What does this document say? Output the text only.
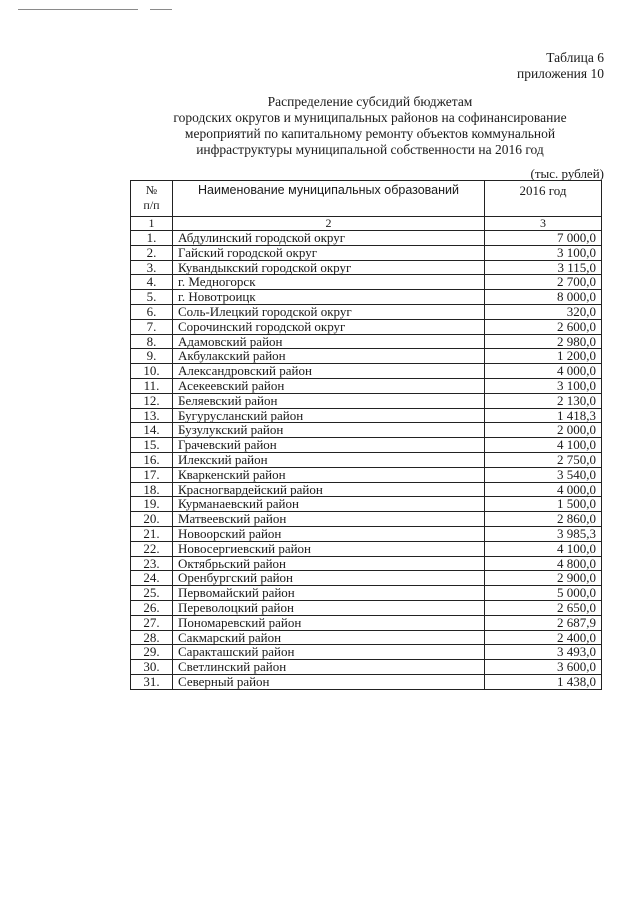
Таблица 6
приложения 10
Распределение субсидий бюджетам
городских округов и муниципальных районов на софинансирование
мероприятий по капитальному ремонту объектов коммунальной
инфраструктуры муниципальной собственности на 2016 год
(тыс. рублей)
№
п/п	Наименование муниципальных образований	2016 год
1	2	3
1.	Абдулинский городской округ	7 000,0
2.	Гайский городской округ	3 100,0
3.	Кувандыкский городской округ	3 115,0
4.	г. Медногорск	2 700,0
5.	г. Новотроицк	8 000,0
6.	Соль-Илецкий городской округ	320,0
7.	Сорочинский городской округ	2 600,0
8.	Адамовский район	2 980,0
9.	Акбулакский район	1 200,0
10.	Александровский район	4 000,0
11.	Асекеевский район	3 100,0
12.	Беляевский район	2 130,0
13.	Бугурусланский район	1 418,3
14.	Бузулукский район	2 000,0
15.	Грачевский район	4 100,0
16.	Илекский район	2 750,0
17.	Кваркенский район	3 540,0
18.	Красногвардейский район	4 000,0
19.	Курманаевский район	1 500,0
20.	Матвеевский район	2 860,0
21.	Новоорский район	3 985,3
22.	Новосергиевский район	4 100,0
23.	Октябрьский район	4 800,0
24.	Оренбургский район	2 900,0
25.	Первомайский район	5 000,0
26.	Переволоцкий район	2 650,0
27.	Пономаревский район	2 687,9
28.	Сакмарский район	2 400,0
29.	Саракташский район	3 493,0
30.	Светлинский район	3 600,0
31.	Северный район	1 438,0
